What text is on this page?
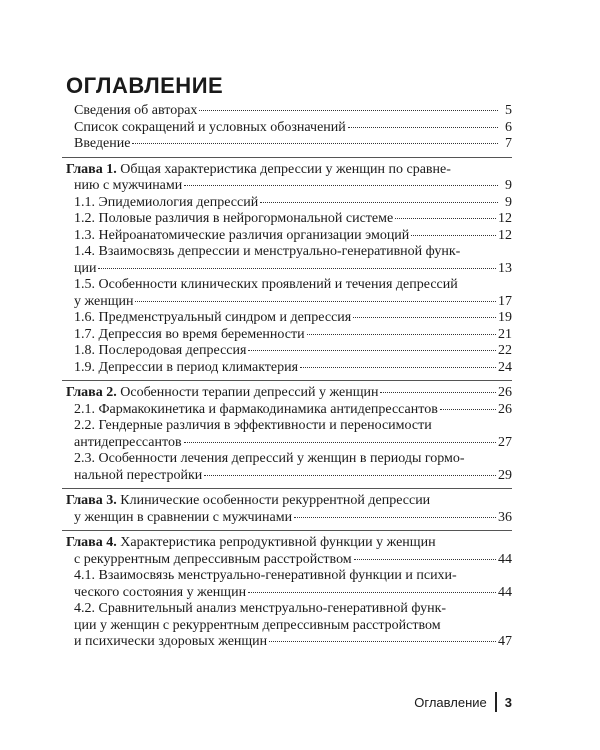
ОГЛАВЛЕНИЕ
Сведения об авторах	5
Список сокращений и условных обозначений	6
Введение	7
Глава 1. Общая характеристика депрессии у женщин по сравне-
нию с мужчинами	9
1.1. Эпидемиология депрессий	9
1.2. Половые различия в нейрогормональной системе	12
1.3. Нейроанатомические различия организации эмоций	12
1.4. Взаимосвязь депрессии и менструально-генеративной функ-
ции	13
1.5. Особенности клинических проявлений и течения депрессий
у женщин	17
1.6. Предменструальный синдром и депрессия	19
1.7. Депрессия во время беременности	21
1.8. Послеродовая депрессия	22
1.9. Депрессии в период климактерия	24
Глава 2. Особенности терапии депрессий у женщин	26
2.1. Фармакокинетика и фармакодинамика антидепрессантов	26
2.2. Гендерные различия в эффективности и переносимости
антидепрессантов	27
2.3. Особенности лечения депрессий у женщин в периоды гормо-
нальной перестройки	29
Глава 3. Клинические особенности рекуррентной депрессии
у женщин в сравнении с мужчинами	36
Глава 4. Характеристика репродуктивной функции у женщин
с рекуррентным депрессивным расстройством	44
4.1. Взаимосвязь менструально-генеративной функции и психи-
ческого состояния у женщин	44
4.2. Сравнительный анализ менструально-генеративной функ-
ции у женщин с рекуррентным депрессивным расстройством
и психически здоровых женщин	47
Оглавление 3
